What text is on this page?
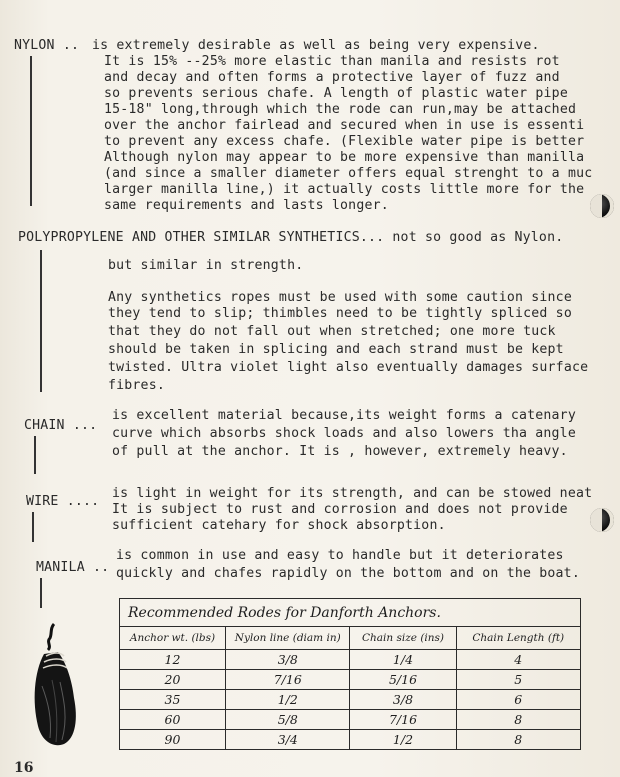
NYLON .. is extremely desirable as well as being very expensive.
It is 15% --25% more elastic than manila and resists rot
and decay and often forms a protective layer of fuzz and
so prevents serious chafe. A length of plastic water pipe
15-18" long,through which the rode can run,may be attached
over the anchor fairlead and secured when in use is essenti
to prevent any excess chafe. (Flexible water pipe is better
Although nylon may appear to be more expensive than manilla
(and since a smaller diameter offers equal strenght to a muc
larger manilla line,) it actually costs little more for the
same requirements and lasts longer.
POLYPROPYLENE AND OTHER SIMILAR SYNTHETICS... not so good as Nylon.
but similar in strength.
Any synthetics ropes must be used with some caution since
they tend to slip; thimbles need to be tightly spliced so
that they do not fall out when stretched; one more tuck
should be taken in splicing and each strand must be kept
twisted. Ultra violet light also eventually damages surface
fibres.
CHAIN ...
is excellent material because,its weight forms a catenary
curve which absorbs shock loads and also lowers tha angle
of pull at the anchor. It is , however, extremely heavy.
WIRE ....
is light in weight for its strength, and can be stowed neat
It is subject to rust and corrosion and does not provide
sufficient catehary for shock absorption.
MANILA ..
is common in use and easy to handle but it deteriorates
quickly and chafes rapidly on the bottom and on the boat.
Recommended Rodes for Danforth Anchors.			
Anchor wt. (lbs)	Nylon line (diam in)	Chain size (ins)	Chain Length (ft)
12	3/8	1/4	4
20	7/16	5/16	5
35	1/2	3/8	6
60	5/8	7/16	8
90	3/4	1/2	8
16
